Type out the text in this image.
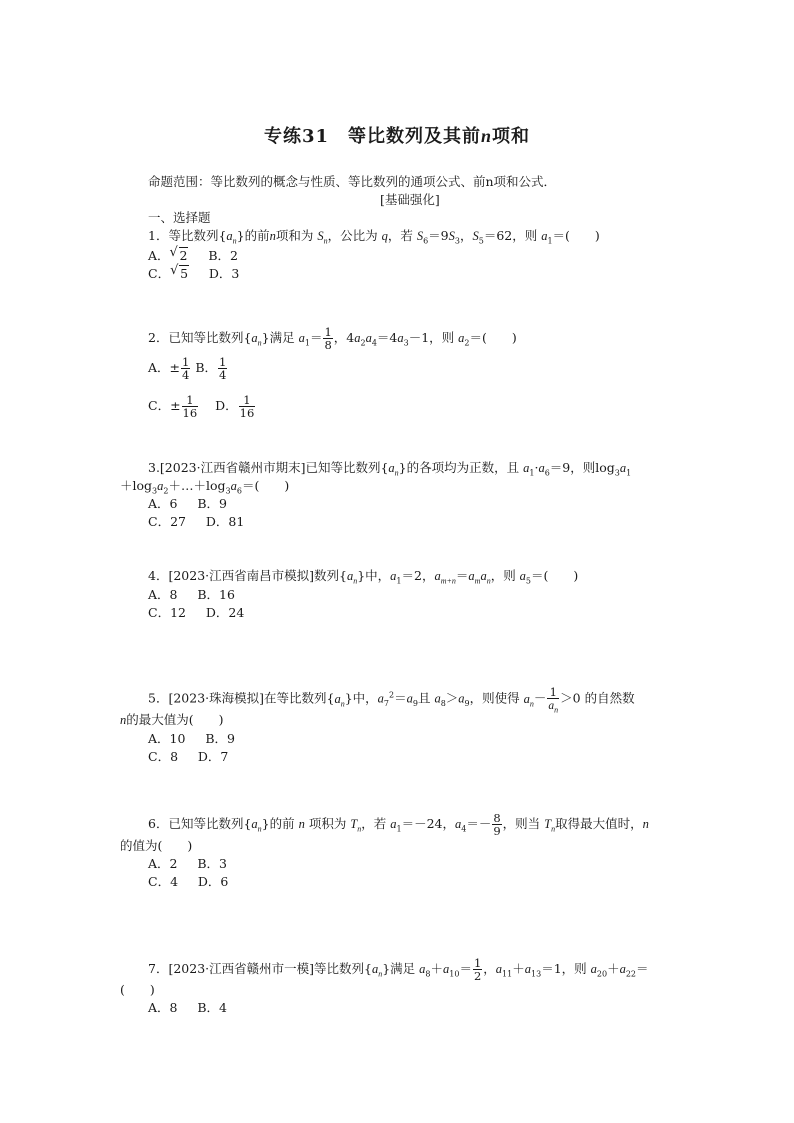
专练31　等比数列及其前n项和
命题范围：等比数列的概念与性质、等比数列的通项公式、前n项和公式．
[基础强化]
一、选择题
1．等比数列$\{a_n\}$的前n项和为 $S_n$，公比为 q，若 $S_6=9S_3$，$S_5=62$，则 $a_1=$(　　)
A． √ 2 B．2
C． √ 5 D．3
2．已知等比数列$\{a_n\}$满足 $a_1= \frac{1}{8}$ ，$4a_2a_4=4a_3-1$，则 $a_2=$(　　)
A．± $\frac{1}{4}$ B． $\frac{1}{4}$
C．± $\frac{1}{16}$ D． $\frac{1}{16}$
3.[2023·江西省赣州市期末]已知等比数列$\{a_n\}$的各项均为正数，且 $a_1\cdot a_6=9$，则$\log_3a_1$
$+\log_3a_2+\dots+\log_3a_6=$(　　)
A．6 B．9
C．27 D．81
4．[2023·江西省南昌市模拟]数列$\{a_n\}$中，$a_1=2$，$a_{m+n}=a_ma_n$，则 $a_5=$(　　)
A．8 B．16
C．12 D．24
5．[2023·珠海模拟]在等比数列$\{a_n\}$中，$a_7^2=a_9$且 $a_8>a_9$，则使得 $a_n- \frac{1}{a_n} >0$ 的自然数
n的最大值为(　　)
A．10 B．9
C．8 D．7
6．已知等比数列$\{a_n\}$的前 n 项积为 $T_n$，若 $a_1=-24$，$a_4=- \frac{8}{9}$ ，则当 $T_n$取得最大值时，n
的值为(　　)
A．2 B．3
C．4 D．6
7．[2023·江西省赣州市一模]等比数列$\{a_n\}$满足 $a_8+a_{10}= \frac{1}{2}$ ，$a_{11}+a_{13}=1$，则 $a_{20}+a_{22}=$
(　　)
A．8 B．4
